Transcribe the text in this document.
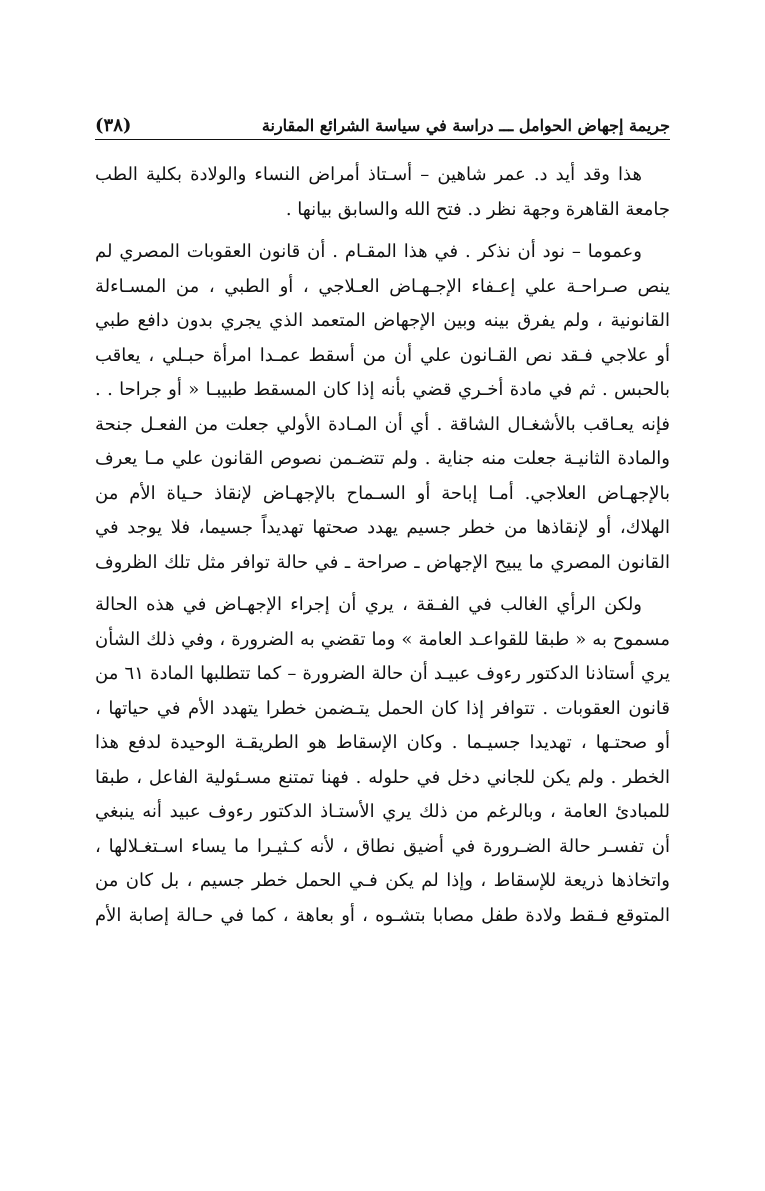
(٣٨)	جريمة إجهاض الحوامل ـــ دراسة في سياسة الشرائع المقارنة
هذا وقد أيد د. عمر شاهين – أسـتاذ أمراض النساء والولادة بكلية الطب
جامعة القاهرة وجهة نظر د. فتح الله والسابق بيانها .
وعموما – نود أن نذكر . في هذا المقـام . أن قانون العقوبات المصري لم
ينص صـراحـة علي إعـفاء الإجـهـاض العـلاجي ، أو الطبي ، من المسـاءلة
القانونية ، ولم يفرق بينه وبين الإجهاض المتعمد الذي يجري بدون دافع طبي
أو علاجي فـقد نص القـانون علي أن من أسقط عمـدا امرأة حبـلي ، يعاقب
بالحبس . ثم في مادة أخـري قضي بأنه إذا كان المسقط طبيبـا « أو جراحا . .
فإنه يعـاقب بالأشغـال الشاقة . أي أن المـادة الأولي جعلت من الفعـل جنحة
والمادة الثانيـة جعلت منه جناية . ولم تتضـمن نصوص القانون علي مـا يعرف
بالإجهـاض العلاجي. أمـا إباحة أو السـماح بالإجهـاض لإنقاذ حـياة الأم من
الهلاك، أو لإنقاذها من خطر جسيم يهدد صحتها تهديداً جسيما، فلا يوجد في
القانون المصري ما يبيح الإجهاض ـ صراحة ـ في حالة توافر مثل تلك الظروف
ولكن الرأي الغالب في الفـقة ، يري أن إجراء الإجهـاض في هذه الحالة
مسموح به « طبقا للقواعـد العامة » وما تقضي به الضرورة ، وفي ذلك الشأن
يري أستاذنا الدكتور رءوف عبيـد أن حالة الضرورة – كما تتطلبها المادة ٦١ من
قانون العقوبات . تتوافر إذا كان الحمل يتـضمن خطرا يتهدد الأم في حياتها ،
أو صحتـها ، تهديدا جسيـما . وكان الإسقاط هو الطريقـة الوحيدة لدفع هذا
الخطر . ولم يكن للجاني دخل في حلوله . فهنا تمتنع مسـئولية الفاعل ، طبقا
للمبادئ العامة ، وبالرغم من ذلك يري الأستـاذ الدكتور رءوف عبيد أنه ينبغي
أن تفسـر حالة الضـرورة في أضيق نطاق ، لأنه كـثيـرا ما يساء اسـتغـلالها ،
واتخاذها ذريعة للإسقاط ، وإذا لم يكن فـي الحمل خطر جسيم ، بل كان من
المتوقع فـقط ولادة طفل مصابا بتشـوه ، أو بعاهة ، كما في حـالة إصابة الأم
